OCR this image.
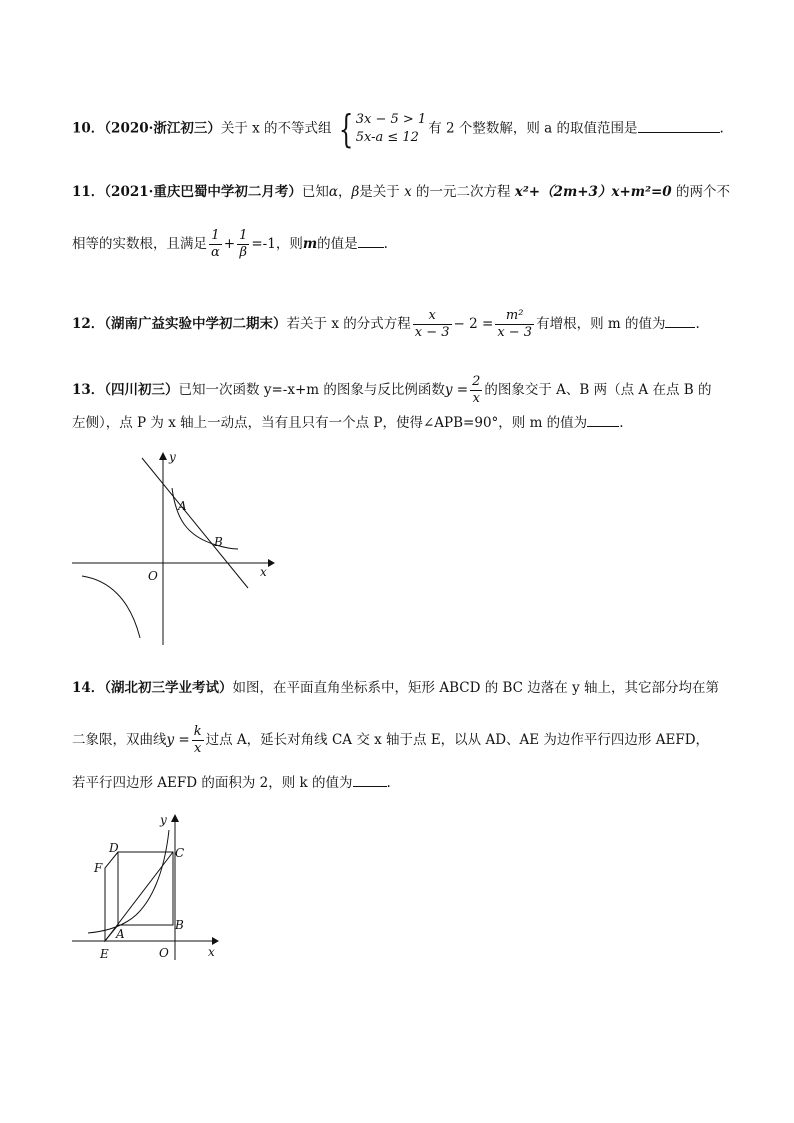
10．（2020·浙江初三）关于 x 的不等式组 { 3x − 5 > 1
5x-a ≤ 12
有 2 个整数解，则 a 的取值范围是	.
11．（2021·重庆巴蜀中学初二月考）已知α，β是关于 x 的一元二次方程 x²+（2m+3）x+m²=0 的两个不
相等的实数根，且满足 $\frac{1}{\alpha} + \frac{1}{\beta} =-1$，则m的值是 .
12．（湖南广益实验中学初二期末）若关于 x 的分式方程 $\frac{x}{x - 3} - 2 = \frac{\text{m²}}{x - 3}$ 有增根，则 m 的值为 .
13．（四川初三）已知一次函数 y=-x+m 的图象与反比例函数$y = \frac{2}{x}$ 的图象交于 A、B 两（点 A 在点 B 的
左侧），点 P 为 x 轴上一动点，当有且只有一个点 P，使得∠APB=90°，则 m 的值为 .
y
x
O
A
B
14．（湖北初三学业考试）如图，在平面直角坐标系中，矩形 ABCD 的 BC 边落在 y 轴上，其它部分均在第
二象限，双曲线$y = \frac{k}{x}$ 过点 A，延长对角线 CA 交 x 轴于点 E，以从 AD、AE 为边作平行四边形 AEFD，
若平行四边形 AEFD 的面积为 2，则 k 的值为	.
y
x
O
E
A
B
C
D
F
